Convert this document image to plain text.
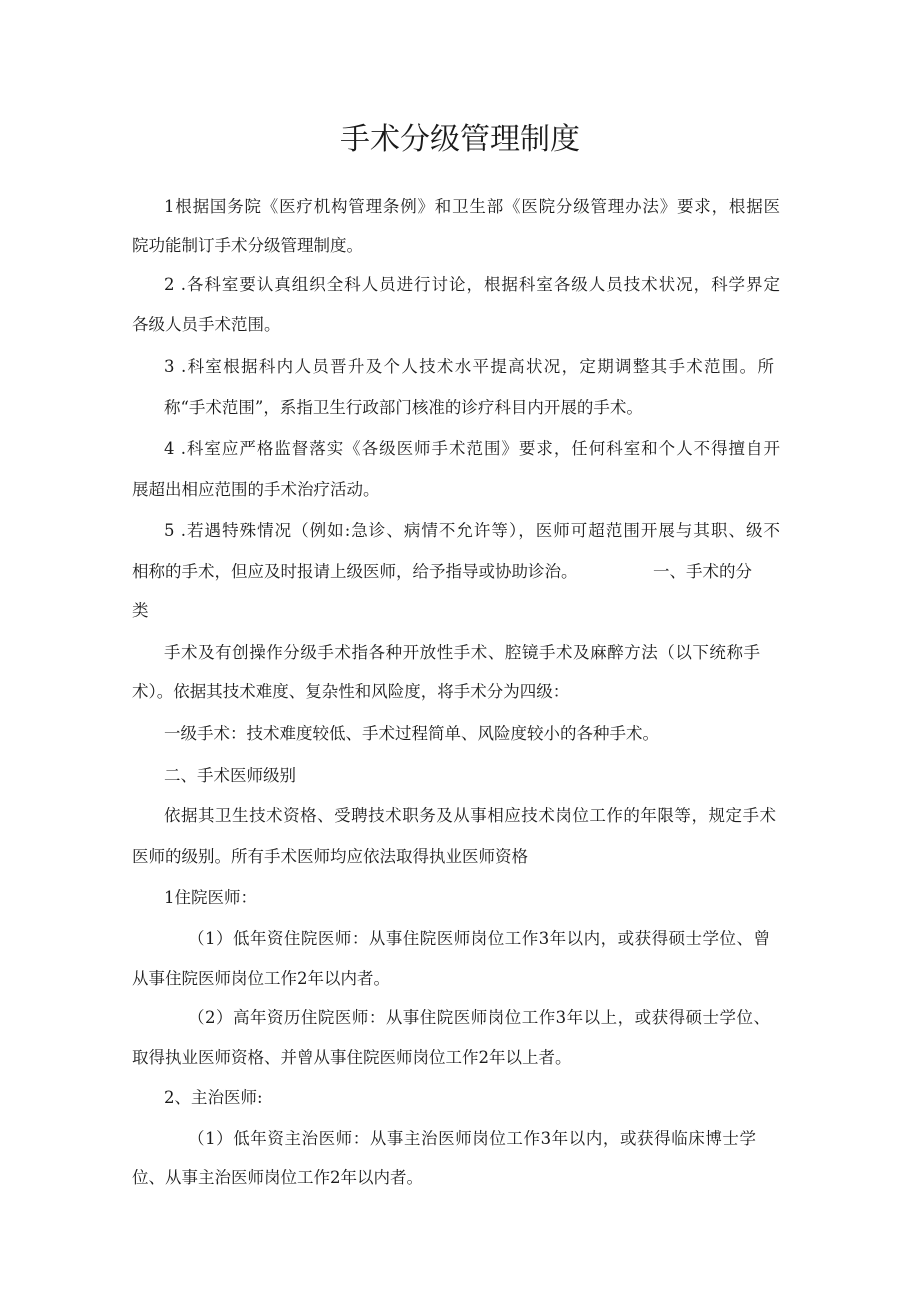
手术分级管理制度

1根据国务院《医疗机构管理条例》和卫生部《医院分级管理办法》要求，根据医

院功能制订手术分级管理制度。

2 .各科室要认真组织全科人员进行讨论，根据科室各级人员技术状况，科学界定

各级人员手术范围。

3 .科室根据科内人员晋升及个人技术水平提高状况，定期调整其手术范围。所

称“手术范围”，系指卫生行政部门核准的诊疗科目内开展的手术。

4 .科室应严格监督落实《各级医师手术范围》要求，任何科室和个人不得擅自开

展超出相应范围的手术治疗活动。

5 .若遇特殊情况（例如:急诊、病情不允许等），医师可超范围开展与其职、级不

相称的手术，但应及时报请上级医师，给予指导或协助诊治。	一、手术的分

类

手术及有创操作分级手术指各种开放性手术、腔镜手术及麻醉方法（以下统称手

术）。依据其技术难度、复杂性和风险度，将手术分为四级：

一级手术：技术难度较低、手术过程简单、风险度较小的各种手术。

二、手术医师级别

依据其卫生技术资格、受聘技术职务及从事相应技术岗位工作的年限等，规定手术

医师的级别。所有手术医师均应依法取得执业医师资格

1住院医师：

（1）低年资住院医师：从事住院医师岗位工作3年以内，或获得硕士学位、曾

从事住院医师岗位工作2年以内者。

（2）高年资历住院医师：从事住院医师岗位工作3年以上，或获得硕士学位、

取得执业医师资格、并曾从事住院医师岗位工作2年以上者。

2、主治医师:

（1）低年资主治医师：从事主治医师岗位工作3年以内，或获得临床博士学

位、从事主治医师岗位工作2年以内者。
